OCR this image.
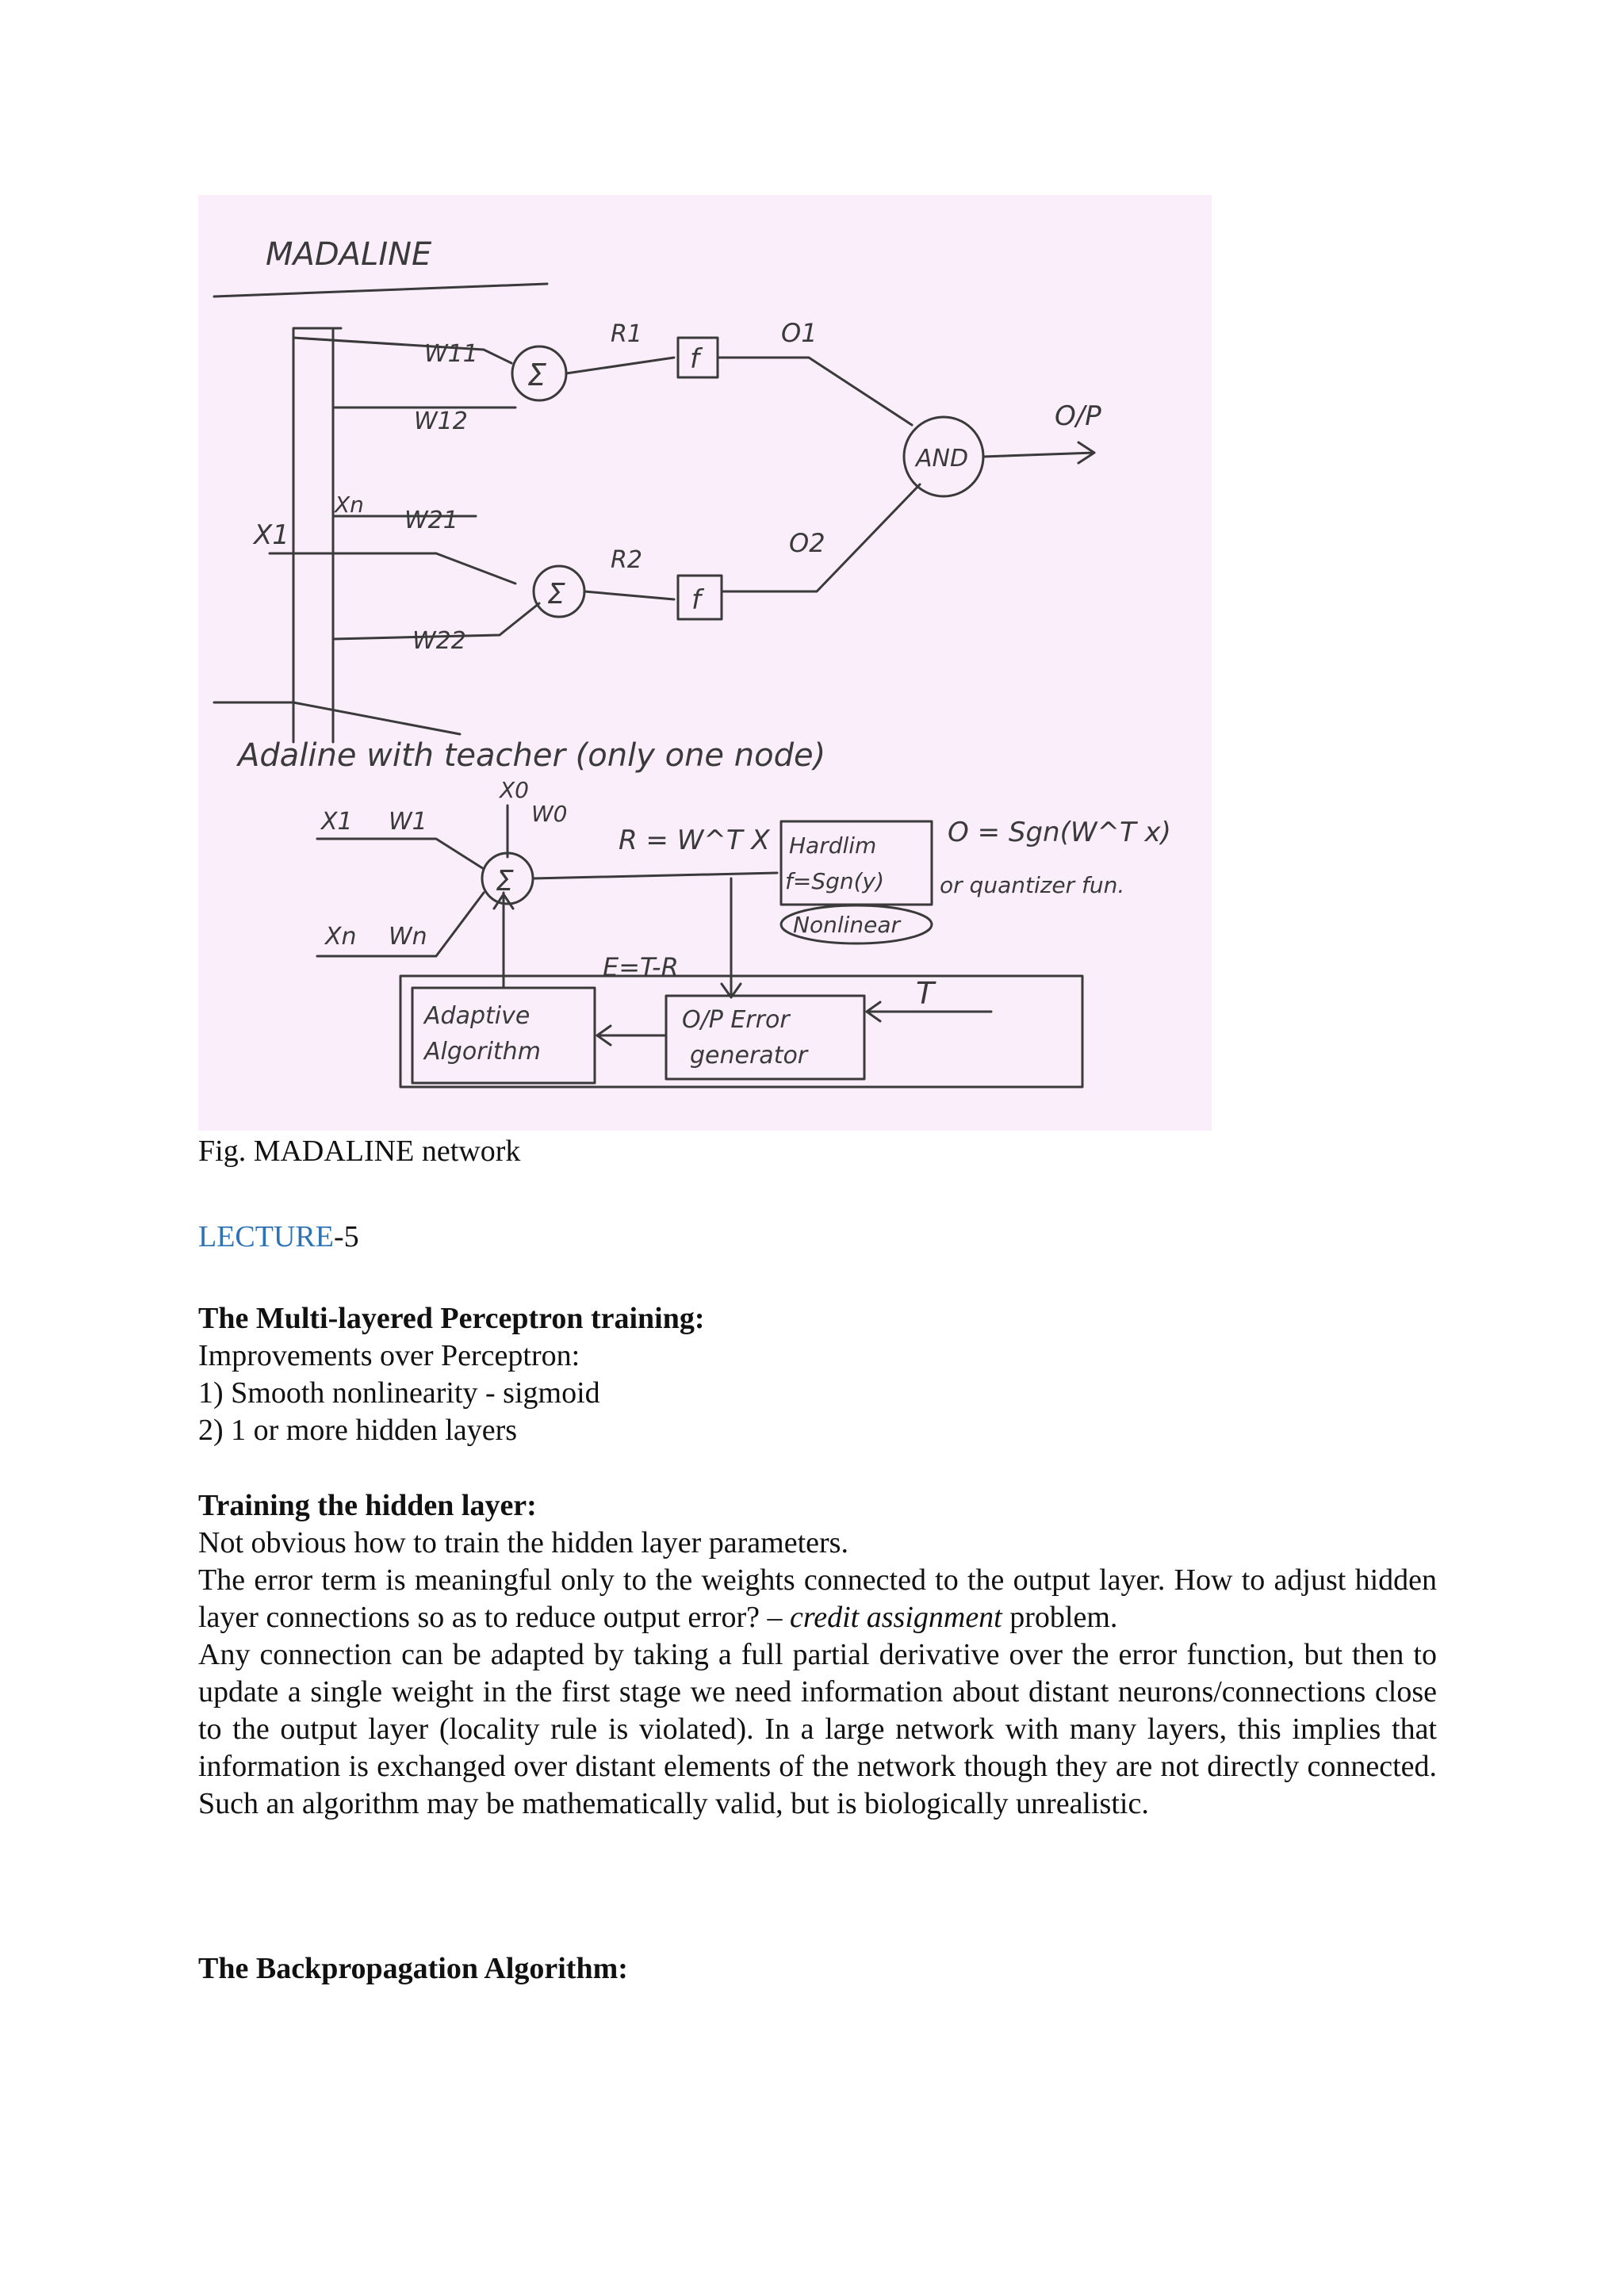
MADALINE
X1
Xn
W11
W12
Σ
R1
f
O1
W21
W22
Σ
R2
f
O2
AND
O/P
Adaline with teacher (only one node)
X0
W0
X1 W1
Xn Wn
Σ
R = W^T X Hardlim
f=Sgn(y)
Nonlinear
O = Sgn(W^T x)
or quantizer fun.
E=T-R
Adaptive
Algorithm
O/P Error
generator
T
Fig. MADALINE network
LECTURE-5
The Multi-layered Perceptron training:
Improvements over Perceptron:
1) Smooth nonlinearity - sigmoid
2) 1 or more hidden layers
Training the hidden layer:
Not obvious how to train the hidden layer parameters.
The error term is meaningful only to the weights connected to the output layer. How to adjust hidden layer connections so as to reduce output error? – credit assignment problem.
Any connection can be adapted by taking a full partial derivative over the error function, but then to update a single weight in the first stage we need information about distant neurons/connections close to the output layer (locality rule is violated). In a large network with many layers, this implies that information is exchanged over distant elements of the network though they are not directly connected. Such an algorithm may be mathematically valid, but is biologically unrealistic.
The Backpropagation Algorithm:
